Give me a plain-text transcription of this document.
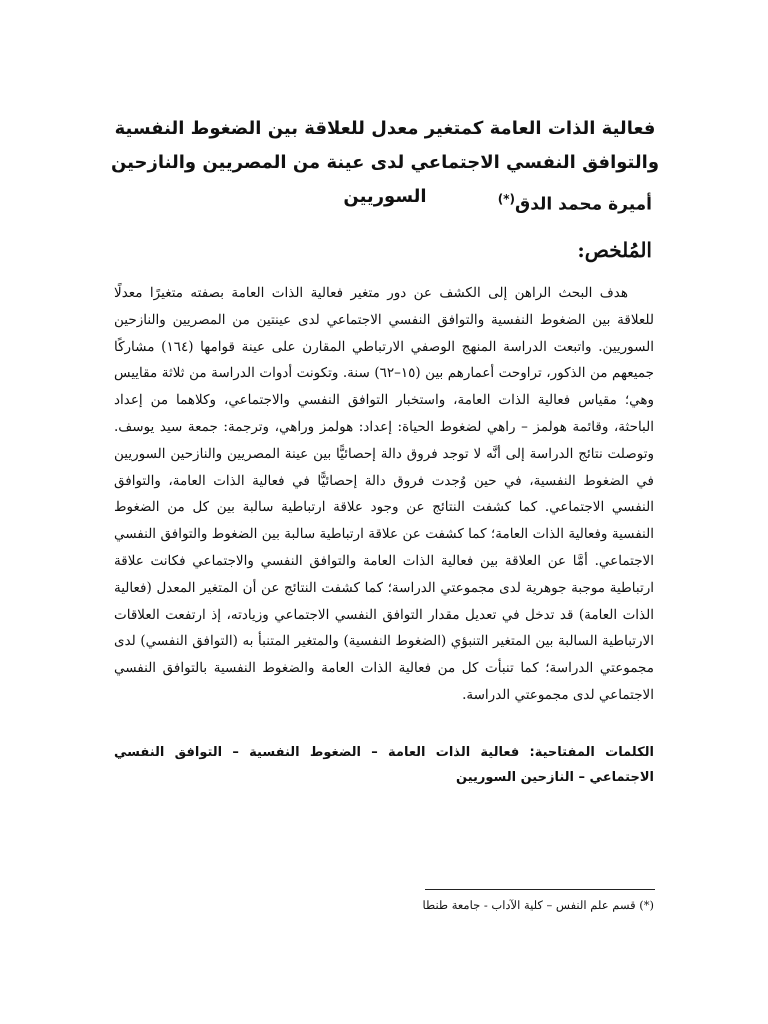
فعالية الذات العامة كمتغير معدل للعلاقة بين الضغوط النفسية والتوافق النفسي الاجتماعي لدى عينة من المصريين والنازحين السوريين	أميرة محمد الدق(*)
المُلخص:

هدف البحث الراهن إلى الكشف عن دور متغير فعالية الذات العامة بصفته متغيرًا معدلًا للعلاقة بين الضغوط النفسية والتوافق النفسي الاجتماعي لدى عينتين من المصريين والنازحين السوريين. واتبعت الدراسة المنهج الوصفي الارتباطي المقارن على عينة قوامها (١٦٤) مشاركًا جميعهم من الذكور، تراوحت أعمارهم بين (١٥–٦٢) سنة. وتكونت أدوات الدراسة من ثلاثة مقاييس وهي؛ مقياس فعالية الذات العامة، واستخبار التوافق النفسي والاجتماعي، وكلاهما من إعداد الباحثة، وقائمة هولمز – راهي لضغوط الحياة: إعداد: هولمز وراهي، وترجمة: جمعة سيد يوسف. وتوصلت نتائج الدراسة إلى أنَّه لا توجد فروق دالة إحصائيًّا بين عينة المصريين والنازحين السوريين في الضغوط النفسية، في حين وُجدت فروق دالة إحصائيًّا في فعالية الذات العامة، والتوافق النفسي الاجتماعي. كما كشفت النتائج عن وجود علاقة ارتباطية سالبة بين كل من الضغوط النفسية وفعالية الذات العامة؛ كما كشفت عن علاقة ارتباطية سالبة بين الضغوط والتوافق النفسي الاجتماعي. أمَّا عن العلاقة بين فعالية الذات العامة والتوافق النفسي والاجتماعي فكانت علاقة ارتباطية موجبة جوهرية لدى مجموعتي الدراسة؛ كما كشفت النتائج عن أن المتغير المعدل (فعالية الذات العامة) قد تدخل في تعديل مقدار التوافق النفسي الاجتماعي وزيادته، إذ ارتفعت العلاقات الارتباطية السالبة بين المتغير التنبؤي (الضغوط النفسية) والمتغير المتنبأ به (التوافق النفسي) لدى مجموعتي الدراسة؛ كما تنبأت كل من فعالية الذات العامة والضغوط النفسية بالتوافق النفسي الاجتماعي لدى مجموعتي الدراسة.

الكلمات المفتاحية: فعالية الذات العامة – الضغوط النفسية – التوافق النفسي الاجتماعي – النازحين السوريين
(*) قسم علم النفس – كلية الآداب - جامعة طنطا
